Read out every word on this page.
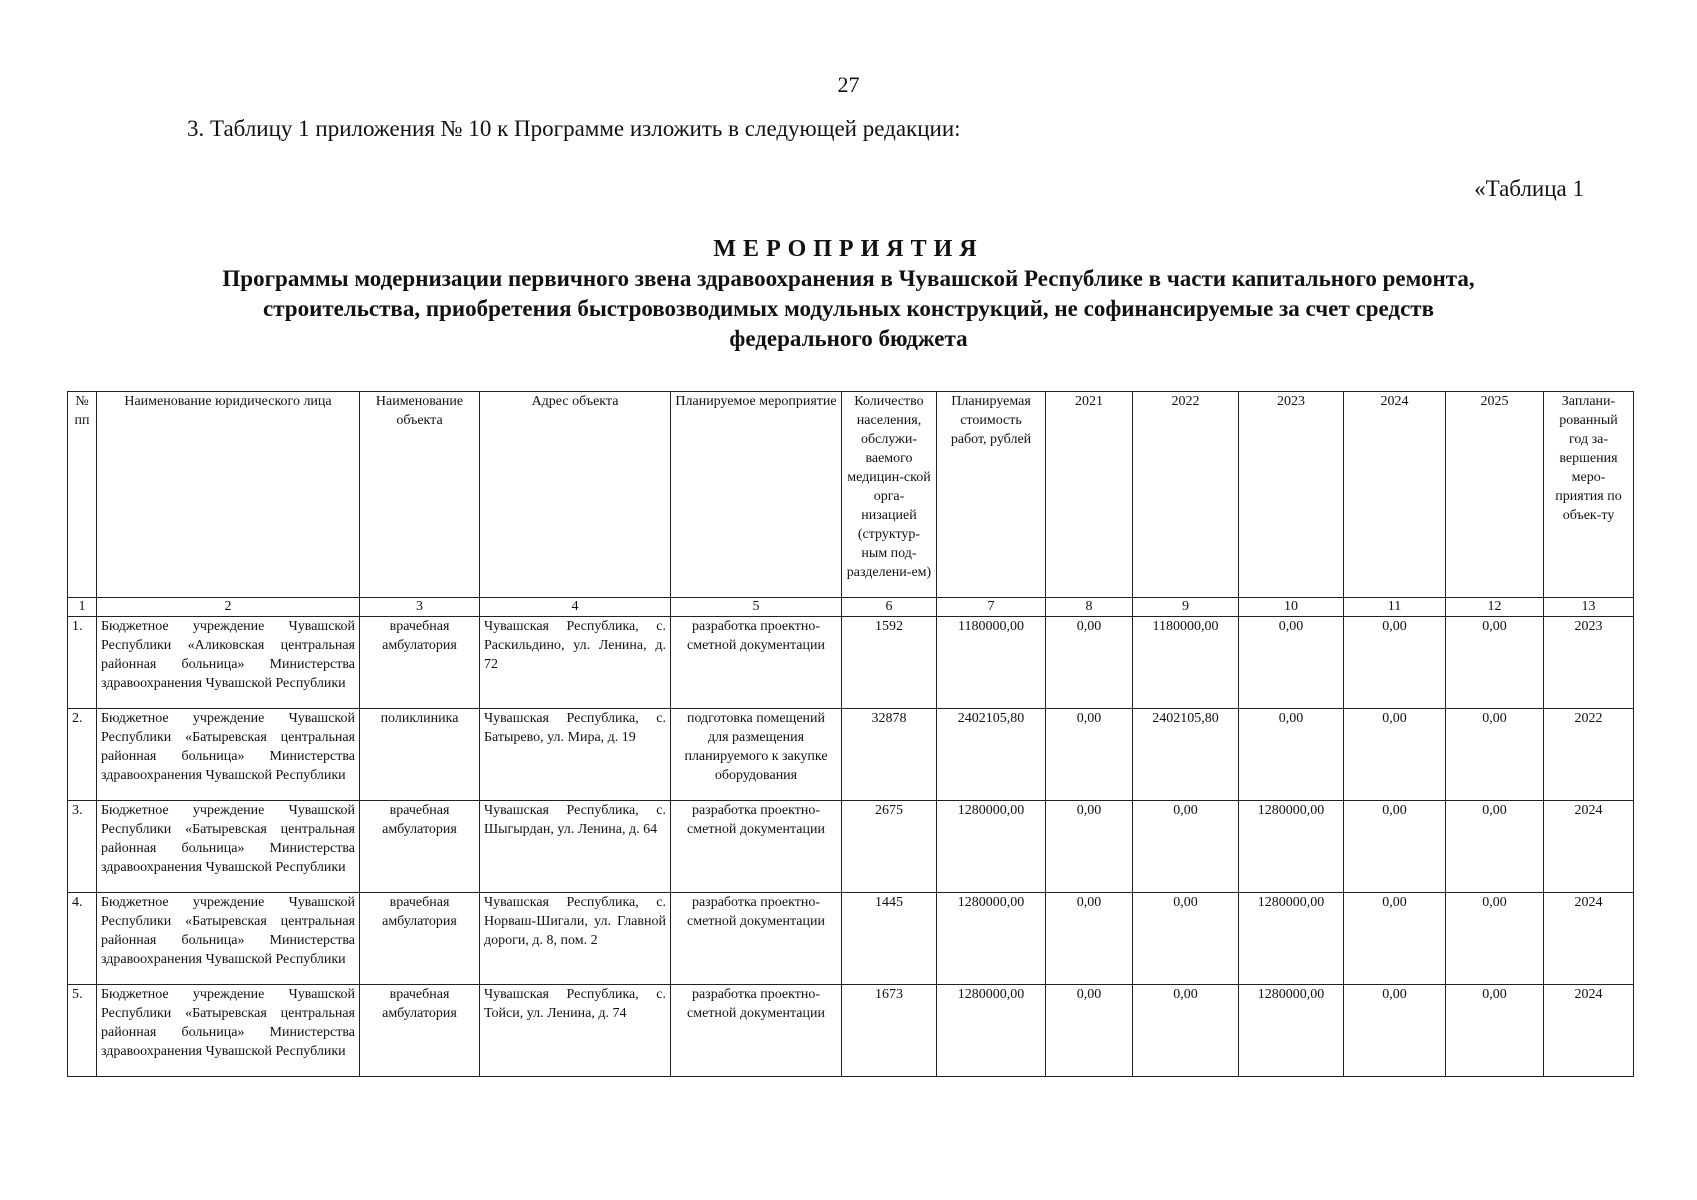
27
3. Таблицу 1 приложения № 10 к Программе изложить в следующей редакции:
«Таблица 1
МЕРОПРИЯТИЯ
Программы модернизации первичного звена здравоохранения в Чувашской Республике в части капитального ремонта,
строительства, приобретения быстровозводимых модульных конструкций, не софинансируемые за счет средств
федерального бюджета
№ пп	Наименование юридического лица	Наименование объекта	Адрес объекта	Планируемое мероприятие	Количество населения, обслужи-ваемого медицин-ской орга-низацией (структур-ным под-разделени-ем)	Планируемая стоимость работ, рублей	2021	2022	2023	2024	2025	Заплани-рованный год за-вершения меро-приятия по объек-ту
1	2	3	4	5	6	7	8	9	10	11	12	13
1.	Бюджетное учреждение Чувашской Республики «Аликовская центральная районная больница» Министерства здравоохранения Чувашской Республики	врачебная амбулатория	Чувашская Республика, с. Раскильдино, ул. Ленина, д. 72	разработка проектно-сметной документации	1592	1180000,00	0,00	1180000,00	0,00	0,00	0,00	2023
2.	Бюджетное учреждение Чувашской Республики «Батыревская центральная районная больница» Министерства здравоохранения Чувашской Республики	поликлиника	Чувашская Республика, с. Батырево, ул. Мира, д. 19	подготовка помещений для размещения планируемого к закупке оборудования	32878	2402105,80	0,00	2402105,80	0,00	0,00	0,00	2022
3.	Бюджетное учреждение Чувашской Республики «Батыревская центральная районная больница» Министерства здравоохранения Чувашской Республики	врачебная амбулатория	Чувашская Республика, с. Шыгырдан, ул. Ленина, д. 64	разработка проектно-сметной документации	2675	1280000,00	0,00	0,00	1280000,00	0,00	0,00	2024
4.	Бюджетное учреждение Чувашской Республики «Батыревская центральная районная больница» Министерства здравоохранения Чувашской Республики	врачебная амбулатория	Чувашская Республика, с. Норваш-Шигали, ул. Главной дороги, д. 8, пом. 2	разработка проектно-сметной документации	1445	1280000,00	0,00	0,00	1280000,00	0,00	0,00	2024
5.	Бюджетное учреждение Чувашской Республики «Батыревская центральная районная больница» Министерства здравоохранения Чувашской Республики	врачебная амбулатория	Чувашская Республика, с. Тойси, ул. Ленина, д. 74	разработка проектно-сметной документации	1673	1280000,00	0,00	0,00	1280000,00	0,00	0,00	2024
